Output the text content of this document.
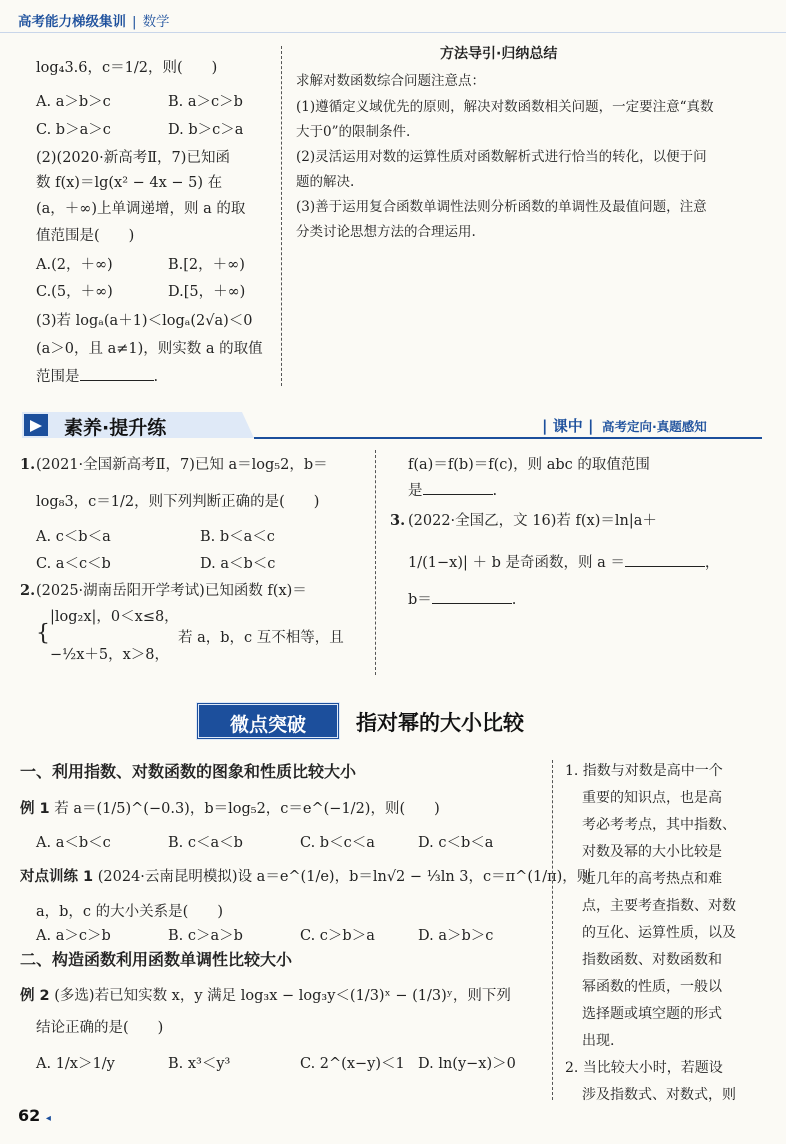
高考能力梯级集训 | 数学
log₄3.6，c＝1/2，则(　　)
A. a＞b＞c	B. a＞c＞b
C. b＞a＞c	D. b＞c＞a
(2)(2020·新高考Ⅱ，7)已知函
数 f(x)＝lg(x² − 4x − 5) 在
(a，＋∞)上单调递增，则 a 的取
值范围是(　　)
A.(2，＋∞)	B.[2，＋∞)
C.(5，＋∞)	D.[5，＋∞)
(3)若 logₐ(a＋1)＜logₐ(2√a)＜0
(a＞0，且 a≠1)，则实数 a 的取值
范围是	.
方法导引·归纳总结
求解对数函数综合问题注意点：
(1)遵循定义域优先的原则，解决对数函数相关问题，一定要注意“真数
大于0”的限制条件.
(2)灵活运用对数的运算性质对函数解析式进行恰当的转化，以便于问
题的解决.
(3)善于运用复合函数单调性法则分析函数的单调性及最值问题，注意
分类讨论思想方法的合理运用.
素养·提升练	| 课中 | 高考定向·真题感知
1. (2021·全国新高考Ⅱ，7)已知 a＝log₅2，b＝
log₈3，c＝1/2，则下列判断正确的是(　　)
A. c＜b＜a	B. b＜a＜c
C. a＜c＜b	D. a＜b＜c
2. (2025·湖南岳阳开学考试)已知函数 f(x)＝
{
|log₂x|，0＜x≤8，
−½x＋5，x＞8，
若 a，b，c 互不相等，且
f(a)＝f(b)＝f(c)，则 abc 的取值范围
是	.
3. (2022·全国乙，文 16)若 f(x)＝ln|a＋
1/(1−x)| ＋ b 是奇函数，则 a ＝	，
b＝	.
微点突破	指对幂的大小比较
一、利用指数、对数函数的图象和性质比较大小
例 1 若 a＝(1/5)^(−0.3)，b＝log₅2，c＝e^(−1/2)，则(　　)
A. a＜b＜c	B. c＜a＜b	C. b＜c＜a	D. c＜b＜a
对点训练 1 (2024·云南昆明模拟)设 a＝e^(1/e)，b＝ln√2 − ⅓ln 3，c＝π^(1/π)，则
a，b，c 的大小关系是(　　)
A. a＞c＞b	B. c＞a＞b	C. c＞b＞a	D. a＞b＞c
二、构造函数利用函数单调性比较大小
例 2 (多选)若已知实数 x，y 满足 log₃x − log₃y＜(1/3)ˣ − (1/3)ʸ，则下列
结论正确的是(　　)
A. 1/x＞1/y	B. x³＜y³	C. 2^(x−y)＜1 D. ln(y−x)＞0
1. 指数与对数是高中一个
重要的知识点，也是高
考必考考点，其中指数、
对数及幂的大小比较是
近几年的高考热点和难
点，主要考查指数、对数
的互化、运算性质，以及
指数函数、对数函数和
幂函数的性质，一般以
选择题或填空题的形式
出现.
2. 当比较大小时，若题设
涉及指数式、对数式，则
62 ◂
